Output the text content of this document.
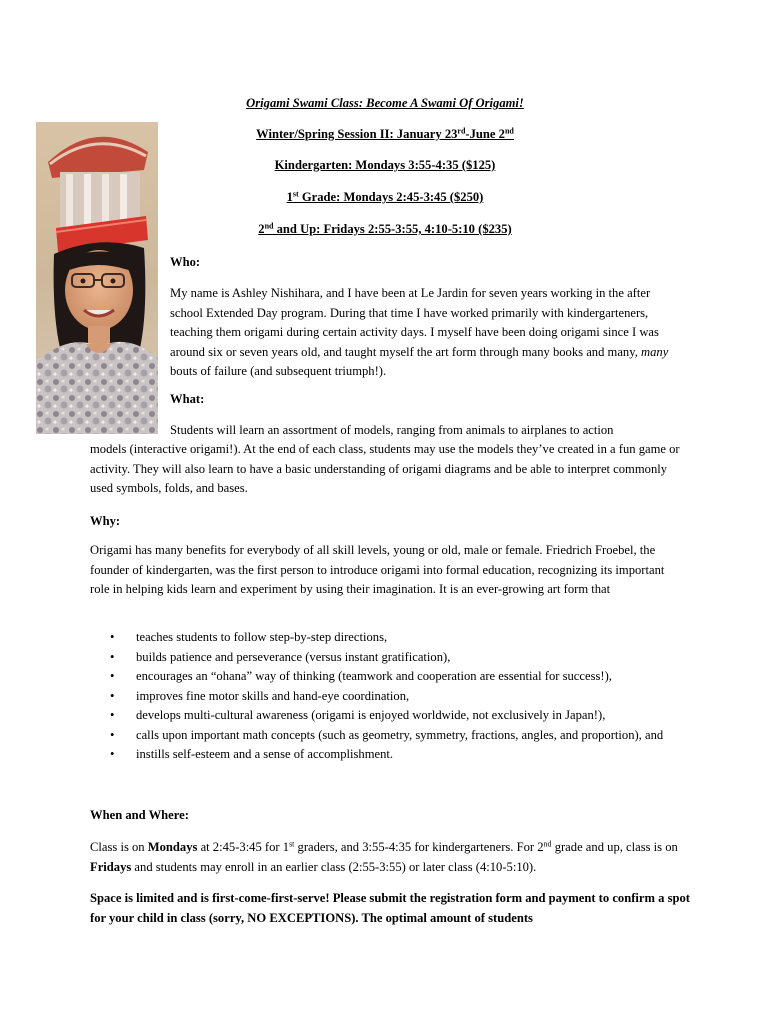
Origami Swami Class: Become A Swami Of Origami!
Winter/Spring Session II: January 23rd-June 2nd
Kindergarten: Mondays 3:55-4:35 ($125)
1st Grade: Mondays 2:45-3:45 ($250)
2nd and Up: Fridays 2:55-3:55, 4:10-5:10 ($235)
Who:
My name is Ashley Nishihara, and I have been at Le Jardin for seven years working in the after school Extended Day program. During that time I have worked primarily with kindergarteners, teaching them origami during certain activity days. I myself have been doing origami since I was around six or seven years old, and taught myself the art form through many books and many, many bouts of failure (and subsequent triumph!).
What:
Students will learn an assortment of models, ranging from animals to airplanes to action
models (interactive origami!). At the end of each class, students may use the models they’ve created in a fun game or activity. They will also learn to have a basic understanding of origami diagrams and be able to interpret commonly used symbols, folds, and bases.
Why:
Origami has many benefits for everybody of all skill levels, young or old, male or female. Friedrich Froebel, the founder of kindergarten, was the first person to introduce origami into formal education, recognizing its important role in helping kids learn and experiment by using their imagination. It is an ever-growing art form that
• teaches students to follow step-by-step directions,
• builds patience and perseverance (versus instant gratification),
• encourages an “ohana” way of thinking (teamwork and cooperation are essential for success!),
• improves fine motor skills and hand-eye coordination,
• develops multi-cultural awareness (origami is enjoyed worldwide, not exclusively in Japan!),
• calls upon important math concepts (such as geometry, symmetry, fractions, angles, and proportion), and
• instills self-esteem and a sense of accomplishment.
When and Where:
Class is on Mondays at 2:45-3:45 for 1st graders, and 3:55-4:35 for kindergarteners. For 2nd grade and up, class is on Fridays and students may enroll in an earlier class (2:55-3:55) or later class (4:10-5:10).
Space is limited and is first-come-first-serve! Please submit the registration form and payment to confirm a spot for your child in class (sorry, NO EXCEPTIONS). The optimal amount of students
